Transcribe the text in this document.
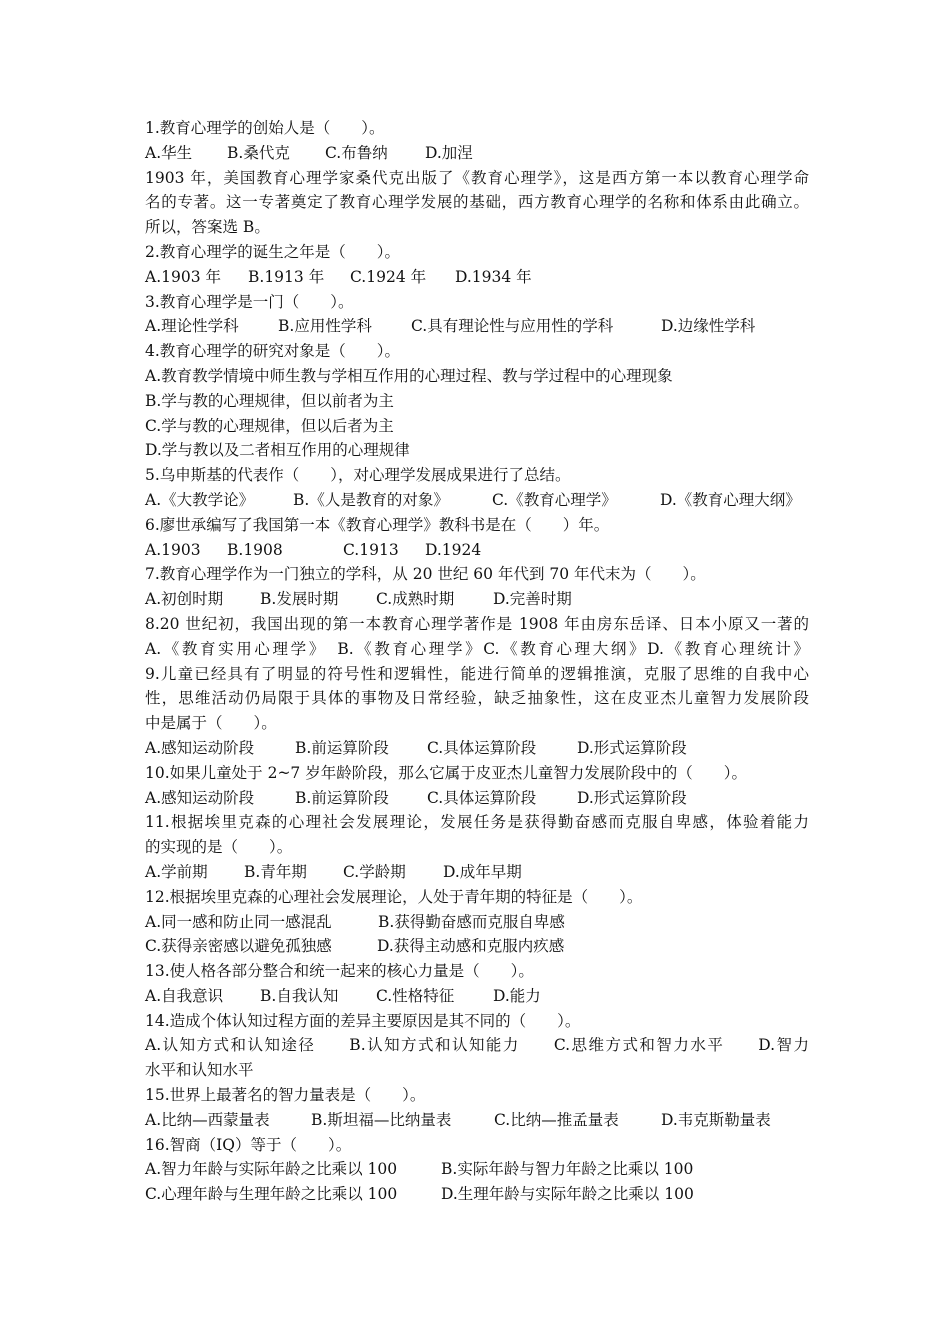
1.教育心理学的创始人是（　　）。
A.华生 B.桑代克 C.布鲁纳 D.加涅
1903 年，美国教育心理学家桑代克出版了《教育心理学》，这是西方第一本以教育心理学命
名的专著。这一专著奠定了教育心理学发展的基础，西方教育心理学的名称和体系由此确立。
所以，答案选 B。
2.教育心理学的诞生之年是（　　）。
A.1903 年 B.1913 年 C.1924 年 D.1934 年
3.教育心理学是一门（　　）。
A.理论性学科	B.应用性学科	C.具有理论性与应用性的学科	D.边缘性学科
4.教育心理学的研究对象是（　　）。
A.教育教学情境中师生教与学相互作用的心理过程、教与学过程中的心理现象
B.学与教的心理规律，但以前者为主
C.学与教的心理规律，但以后者为主
D.学与教以及二者相互作用的心理规律
5.乌申斯基的代表作（　　），对心理学发展成果进行了总结。
A.《大教学论》	B.《人是教育的对象》	C.《教育心理学》	D.《教育心理大纲》
6.廖世承编写了我国第一本《教育心理学》教科书是在（　　）年。
A.1903 B.1908	C.1913 D.1924
7.教育心理学作为一门独立的学科，从 20 世纪 60 年代到 70 年代末为（　　）。
A.初创时期 B.发展时期 C.成熟时期	D.完善时期
8.20 世纪初，我国出现的第一本教育心理学著作是 1908 年由房东岳译、日本小原又一著的
A.《教育实用心理学》　B.《教育心理学》C.《教育心理大纲》D.《教育心理统计》
9.儿童已经具有了明显的符号性和逻辑性，能进行简单的逻辑推演，克服了思维的自我中心
性，思维活动仍局限于具体的事物及日常经验，缺乏抽象性，这在皮亚杰儿童智力发展阶段
中是属于（　　）。
A.感知运动阶段	B.前运算阶段 C.具体运算阶段	D.形式运算阶段
10.如果儿童处于 2~7 岁年龄阶段，那么它属于皮亚杰儿童智力发展阶段中的（　　）。
A.感知运动阶段	B.前运算阶段 C.具体运算阶段	D.形式运算阶段
11.根据埃里克森的心理社会发展理论，发展任务是获得勤奋感而克服自卑感，体验着能力
的实现的是（　　）。
A.学前期 B.青年期 C.学龄期 D.成年早期
12.根据埃里克森的心理社会发展理论，人处于青年期的特征是（　　）。
A.同一感和防止同一感混乱	B.获得勤奋感而克服自卑感
C.获得亲密感以避免孤独感	D.获得主动感和克服内疚感
13.使人格各部分整合和统一起来的核心力量是（　　）。
A.自我意识 B.自我认知 C.性格特征	D.能力
14.造成个体认知过程方面的差异主要原因是其不同的（　　）。
A.认知方式和认知途径　　B.认知方式和认知能力　　C.思维方式和智力水平　　D.智力
水平和认知水平
15.世界上最著名的智力量表是（　　）。
A.比纳—西蒙量表	B.斯坦福—比纳量表	C.比纳—推孟量表	D.韦克斯勒量表
16.智商（IQ）等于（　　）。
A.智力年龄与实际年龄之比乘以 100	B.实际年龄与智力年龄之比乘以 100
C.心理年龄与生理年龄之比乘以 100	D.生理年龄与实际年龄之比乘以 100
